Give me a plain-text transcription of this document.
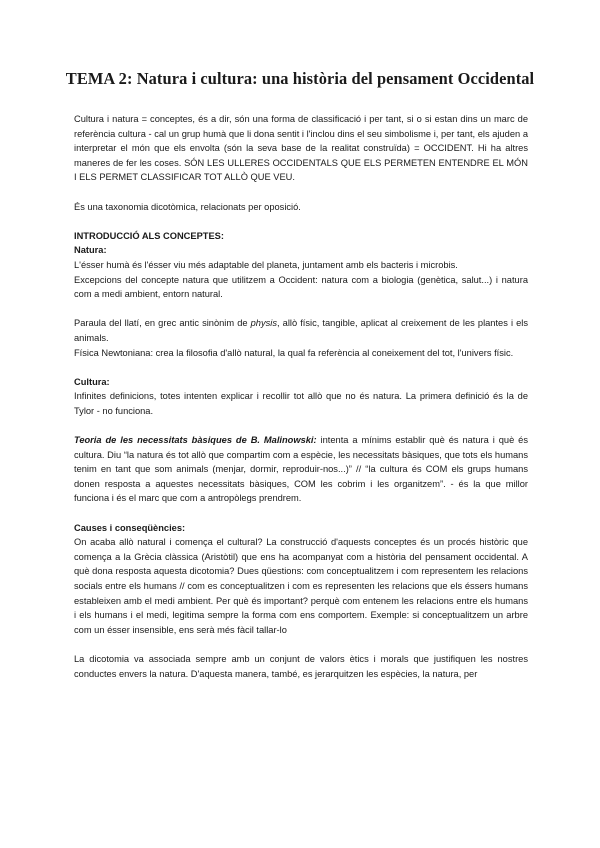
TEMA 2: Natura i cultura: una història del pensament Occidental

Cultura i natura = conceptes, és a dir, són una forma de classificació i per tant, si o si estan dins un marc de referència cultura - cal un grup humà que li dona sentit i l'inclou dins el seu simbolisme i, per tant, els ajuden a interpretar el món que els envolta (són la seva base de la realitat construïda) = OCCIDENT. Hi ha altres maneres de fer les coses. SÓN LES ULLERES OCCIDENTALS QUE ELS PERMETEN ENTENDRE EL MÓN I ELS PERMET CLASSIFICAR TOT ALLÒ QUE VEU.

És una taxonomia dicotòmica, relacionats per oposició.

INTRODUCCIÓ ALS CONCEPTES:

Natura:

L'ésser humà és l'ésser viu més adaptable del planeta, juntament amb els bacteris i microbis.

Excepcions del concepte natura que utilitzem a Occident: natura com a biologia (genètica, salut...) i natura com a medi ambient, entorn natural.

Paraula del llatí, en grec antic sinònim de physis, allò físic, tangible, aplicat al creixement de les plantes i els animals.

Física Newtoniana: crea la filosofia d'allò natural, la qual fa referència al coneixement del tot, l'univers físic.

Cultura:

Infinites definicions, totes intenten explicar i recollir tot allò que no és natura. La primera definició és la de Tylor - no funciona.

Teoria de les necessitats bàsiques de B. Malinowski: intenta a mínims establir què és natura i què és cultura. Diu “la natura és tot allò que compartim com a espècie, les necessitats bàsiques, que tots els humans tenim en tant que som animals (menjar, dormir, reproduir-nos...)” // “la cultura és COM els grups humans donen resposta a aquestes necessitats bàsiques, COM les cobrim i les organitzem”. - és la que millor funciona i és el marc que com a antropòlegs prendrem.

Causes i conseqüències:

On acaba allò natural i comença el cultural? La construcció d'aquests conceptes és un procés històric que comença a la Grècia clàssica (Aristòtil) que ens ha acompanyat com a història del pensament occidental. A què dona resposta aquesta dicotomia? Dues qüestions: com conceptualitzem i com representem les relacions socials entre els humans // com es conceptualitzen i com es representen les relacions que els éssers humans estableixen amb el medi ambient. Per què és important? perquè com entenem les relacions entre els humans i els humans i el medi, legitima sempre la forma com ens comportem. Exemple: si conceptualitzem un arbre com un ésser insensible, ens serà més fàcil tallar-lo

La dicotomia va associada sempre amb un conjunt de valors ètics i morals que justifiquen les nostres conductes envers la natura. D'aquesta manera, també, es jerarquitzen les espècies, la natura, per
